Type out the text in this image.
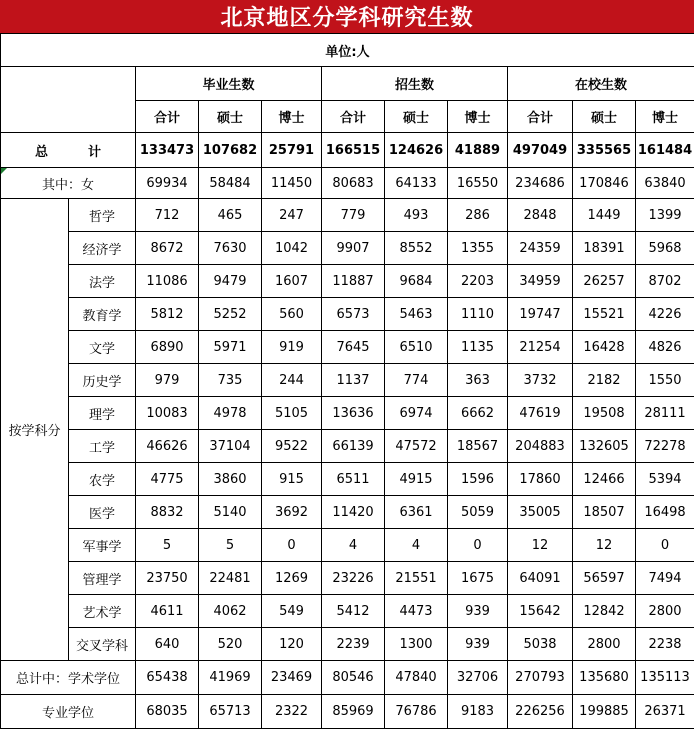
北京地区分学科研究生数
单位:人										
		毕业生数			招生数			在校生数		
		合计	硕士	博士	合计	硕士	博士	合计	硕士	博士
总 计		133473	107682	25791	166515	124626	41889	497049	335565	161484
其中：女		69934	58484	11450	80683	64133	16550	234686	170846	63840
按学科分	哲学	712	465	247	779	493	286	2848	1449	1399
	经济学	8672	7630	1042	9907	8552	1355	24359	18391	5968
	法学	11086	9479	1607	11887	9684	2203	34959	26257	8702
	教育学	5812	5252	560	6573	5463	1110	19747	15521	4226
	文学	6890	5971	919	7645	6510	1135	21254	16428	4826
	历史学	979	735	244	1137	774	363	3732	2182	1550
	理学	10083	4978	5105	13636	6974	6662	47619	19508	28111
	工学	46626	37104	9522	66139	47572	18567	204883	132605	72278
	农学	4775	3860	915	6511	4915	1596	17860	12466	5394
	医学	8832	5140	3692	11420	6361	5059	35005	18507	16498
	军事学	5	5	0	4	4	0	12	12	0
	管理学	23750	22481	1269	23226	21551	1675	64091	56597	7494
	艺术学	4611	4062	549	5412	4473	939	15642	12842	2800
	交叉学科	640	520	120	2239	1300	939	5038	2800	2238
总计中：学术学位		65438	41969	23469	80546	47840	32706	270793	135680	135113
专业学位		68035	65713	2322	85969	76786	9183	226256	199885	26371
